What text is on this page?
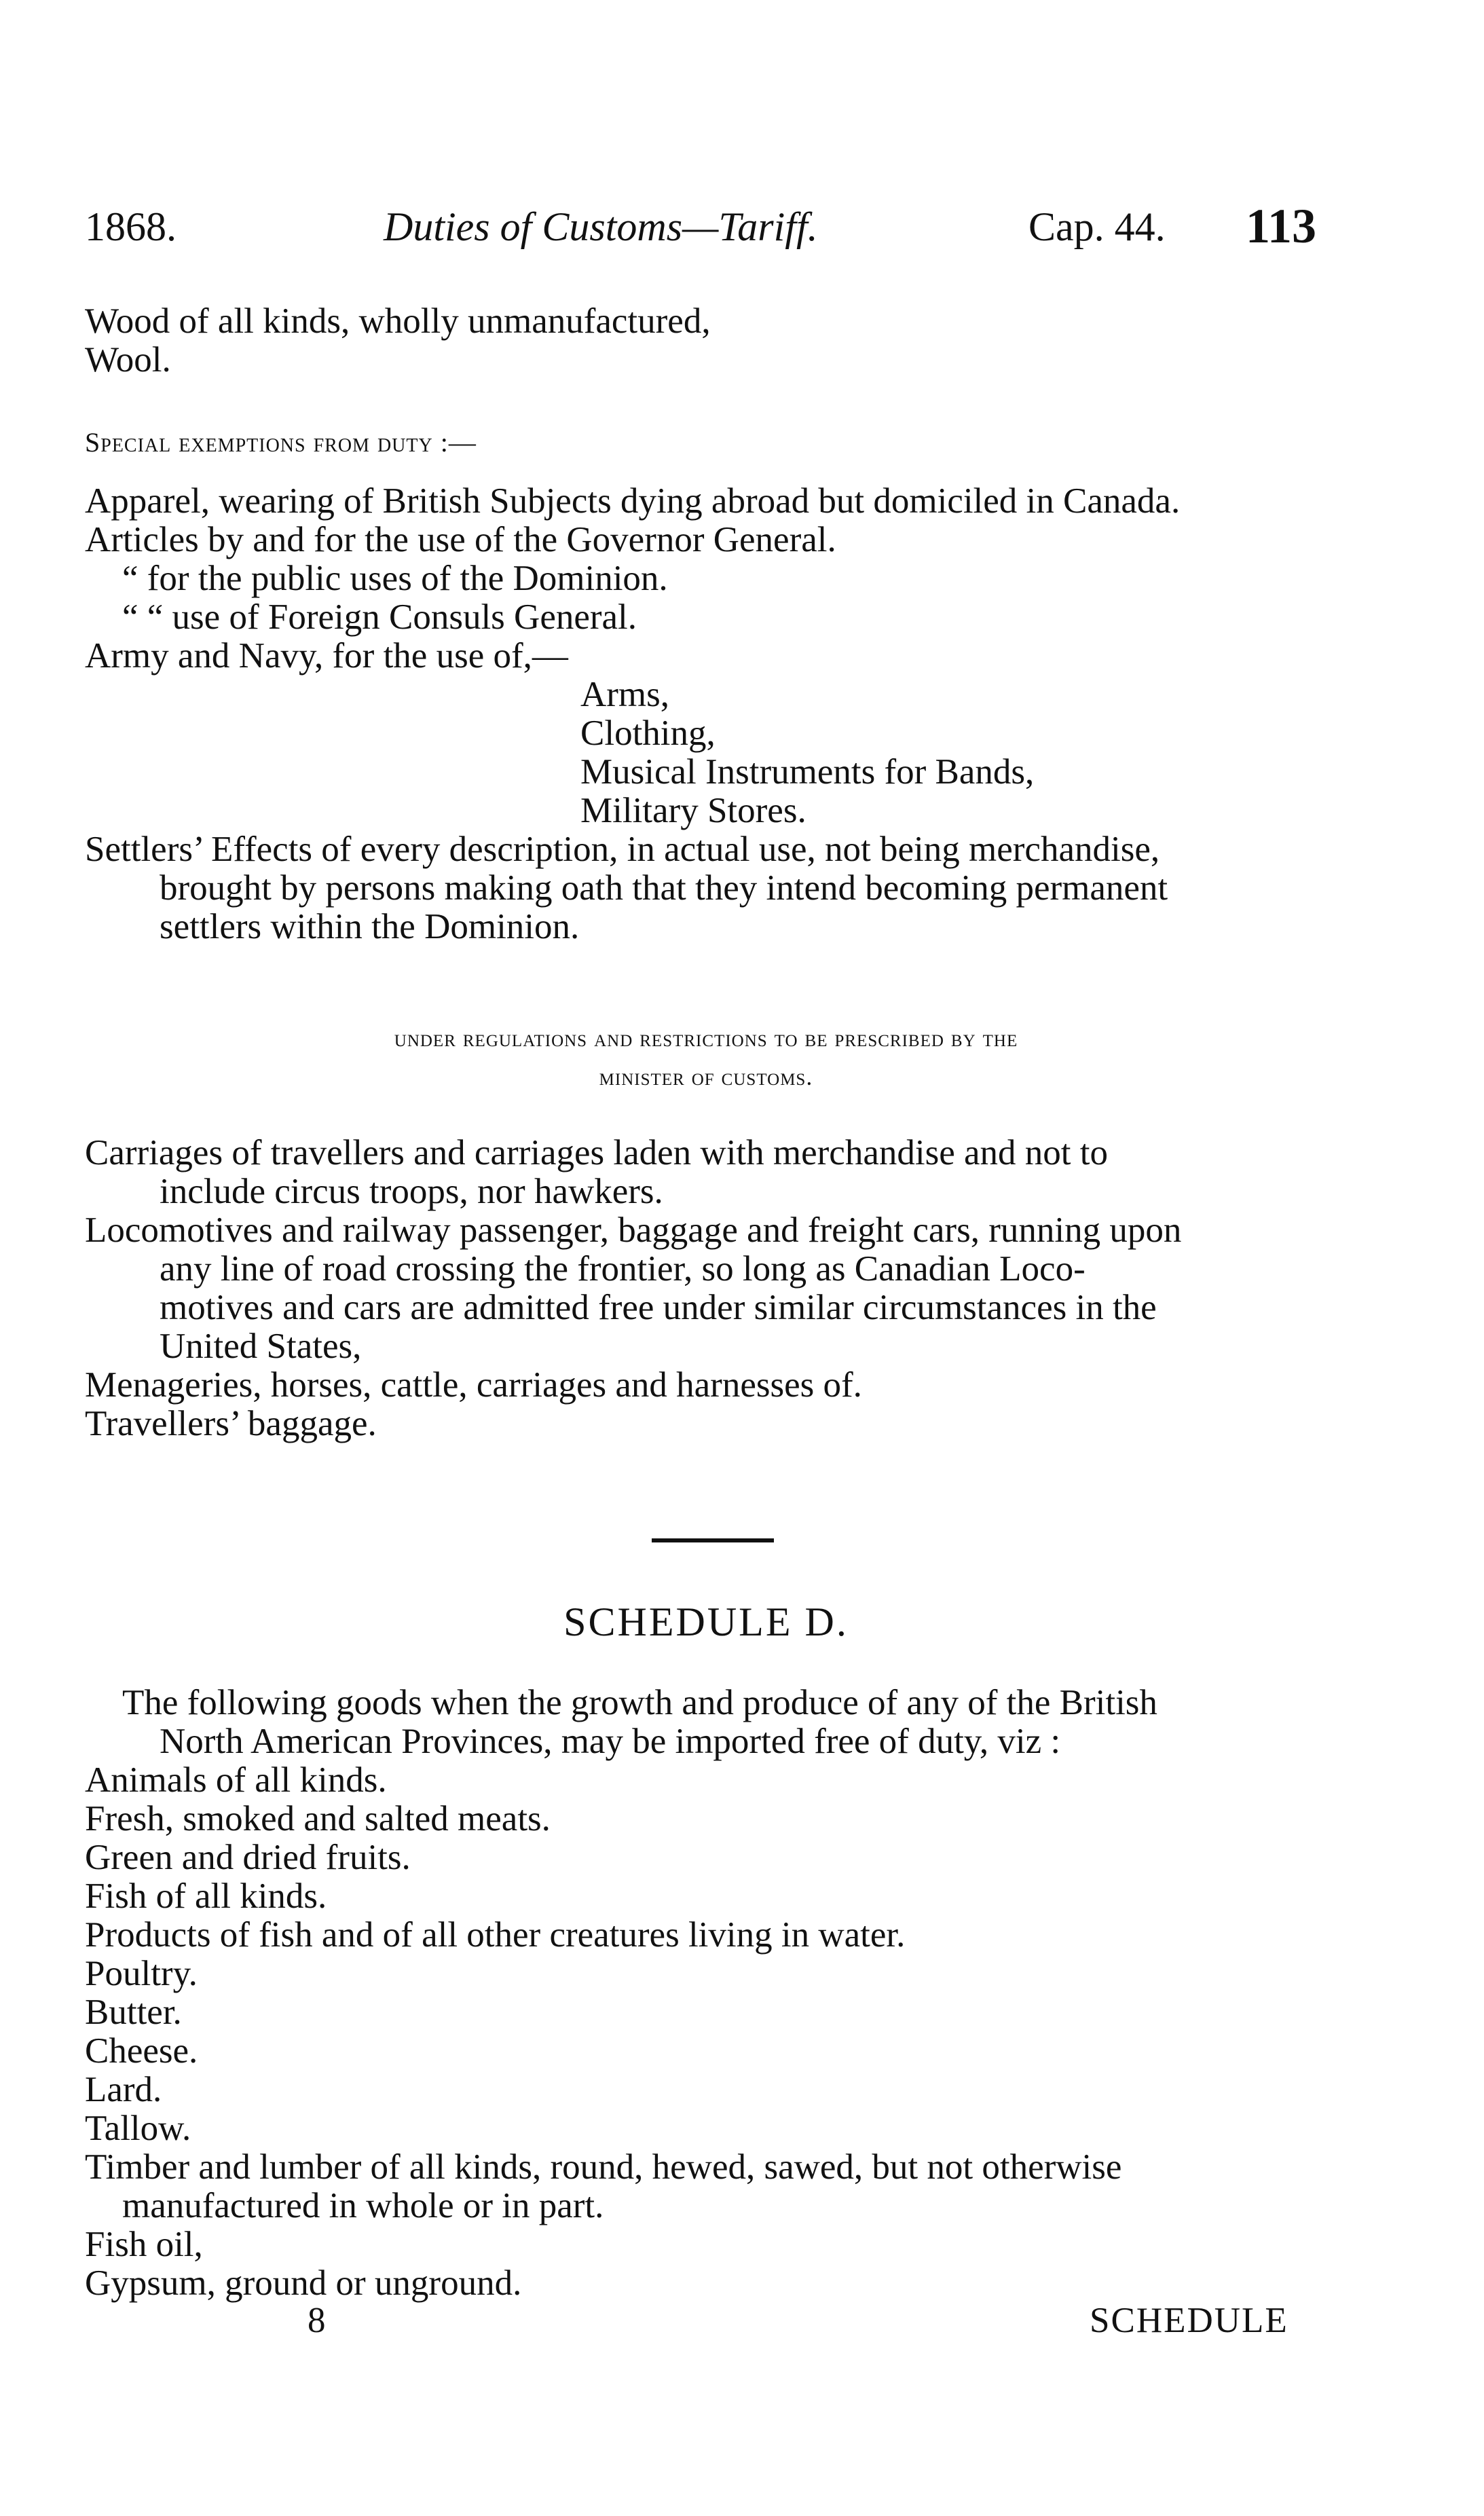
1868.	Duties of Customs—Tariff.	Cap. 44. 113
Wood of all kinds, wholly unmanufactured,
Wool.
Special exemptions from duty :—
Apparel, wearing of British Subjects dying abroad but domiciled in Canada.
Articles by and for the use of the Governor General.
“ for the public uses of the Dominion.
“ “ use of Foreign Consuls General.
Army and Navy, for the use of,—
Arms,
Clothing,
Musical Instruments for Bands,
Military Stores.
Settlers’ Effects of every description, in actual use, not being merchandise,
brought by persons making oath that they intend becoming permanent
settlers within the Dominion.
under regulations and restrictions to be prescribed by the
minister of customs.
Carriages of travellers and carriages laden with merchandise and not to
include circus troops, nor hawkers.
Locomotives and railway passenger, baggage and freight cars, running upon
any line of road crossing the frontier, so long as Canadian Loco-
motives and cars are admitted free under similar circumstances in the
United States,
Menageries, horses, cattle, carriages and harnesses of.
Travellers’ baggage.
SCHEDULE D.
The following goods when the growth and produce of any of the British
North American Provinces, may be imported free of duty, viz :
Animals of all kinds.
Fresh, smoked and salted meats.
Green and dried fruits.
Fish of all kinds.
Products of fish and of all other creatures living in water.
Poultry.
Butter.
Cheese.
Lard.
Tallow.
Timber and lumber of all kinds, round, hewed, sawed, but not otherwise
manufactured in whole or in part.
Fish oil,
Gypsum, ground or unground.
8	SCHEDULE
